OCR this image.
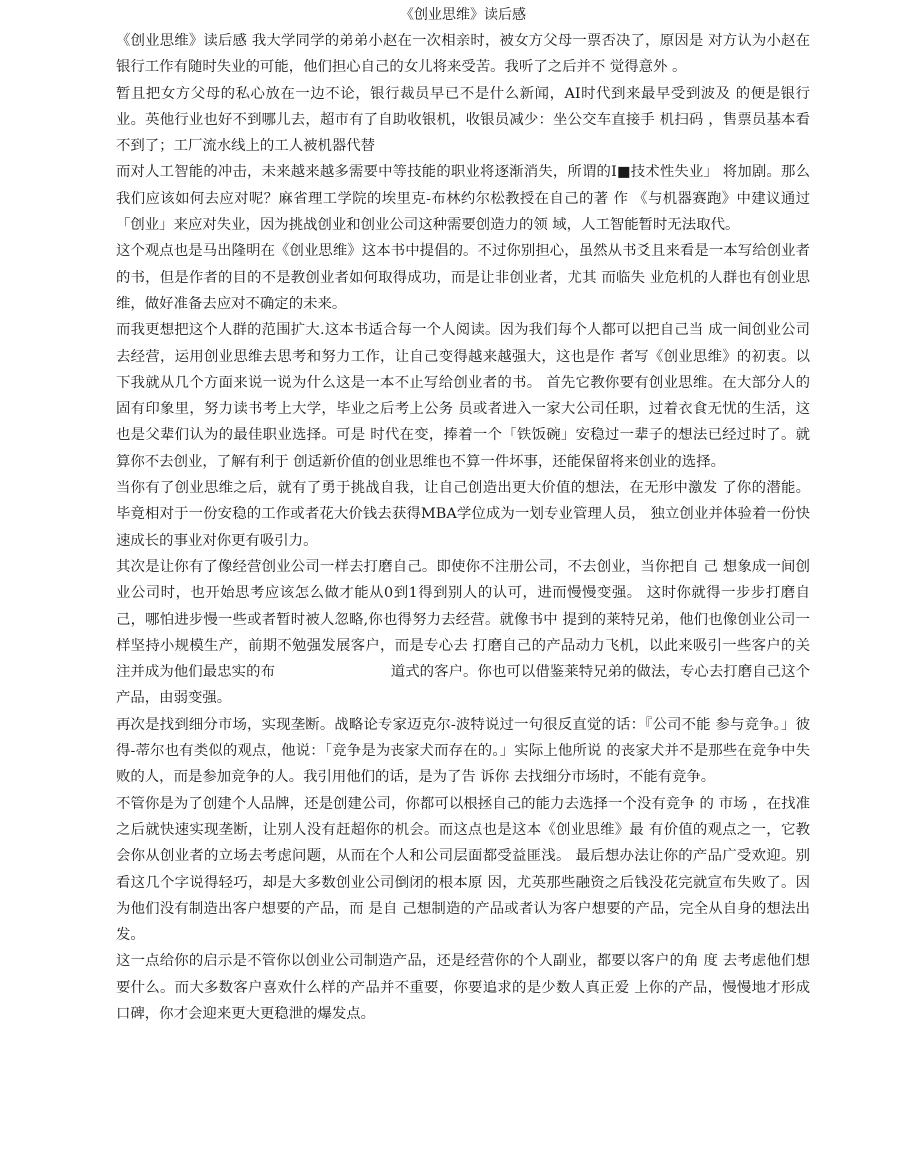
《创业思维》读后感

《创业思维》读后感 我大学同学的弟弟小赵在一次相亲时，被女方父母一票否决了，原因是 对方认为小赵在银行工作有随时失业的可能，他们担心自己的女儿将来受苦。我听了之后并不 觉得意外 。

暂且把女方父母的私心放在一边不论，银行裁员早已不是什么新闻，AI时代到来最早受到波及 的便是银行业。英他行业也好不到哪儿去，超市有了自助收银机，收银员减少：坐公交车直接手 机扫码 ，售票员基本看不到了；工厂流水线上的工人被机器代替

而对人工智能的冲击，未来越来越多需要中等技能的职业将逐渐消失，所谓的I■技术性失业」 将加剧。那么我们应该如何去应对呢？麻省理工学院的埃里克-布林约尔松教授在自己的著 作 《与机器赛跑》中建议通过「创业」来应对失业，因为挑战创业和创业公司这种需要创造力的领 域，人工智能暂时无法取代。

这个观点也是马出隆明在《创业思维》这本书中提倡的。不过你别担心，虽然从书爻且来看是一本写给创业者的书，但是作者的目的不是教创业者如何取得成功，而是让非创业者，尤其 而临失 业危机的人群也有创业思维，做好准备去应对不确定的未来。

而我更想把这个人群的范围扩大.这本书适合每一个人阅读。因为我们每个人都可以把自己当 成一间创业公司去经营，运用创业思维去思考和努力工作，让自己变得越来越强大，这也是作 者写《创业思维》的初衷。以下我就从几个方面来说一说为什么这是一本不止写给创业者的书。 首先它教你要有创业思维。在大部分人的固有印象里，努力读书考上大学，毕业之后考上公务 员或者进入一家大公司任职，过着衣食无忧的生活，这也是父辈们认为的最佳职业选择。可是 时代在变，捧着一个「铁饭碗」安稳过一辈子的想法已经过时了。就算你不去创业，了解有利于 创适新价值的创业思维也不算一件坏事，还能保留将来创业的选择。

当你有了创业思维之后，就有了勇于挑战自我，让自己创造出更大价值的想法，在无形中激发 了你的潜能。毕竟相对于一份安稳的工作或者花大价钱去获得MBA学位成为一划专业管理人员， 独立创业并体验着一份快速成长的事业对你更有吸引力。

其次是让你有了像经营创业公司一样去打磨自己。即使你不注册公司，不去创业，当你把自 己 想象成一间创业公司时，也开始思考应该怎么做才能从0到1得到别人的认可，进而慢慢变强。 这时你就得一步步打磨自己，哪怕进步慢一些或者暂时被人忽略,你也得努力去经营。就像书中 提到的莱特兄弟，他们也像创业公司一样坚持小规模生产，前期不勉强发展客户，而是专心去 打磨自己的产品动力飞机，以此来吸引一些客户的关注并成为他们最忠实的布　　　　　　　　道式的客户。你也可以借鉴莱特兄弟的做法，专心去打磨自己这个产品，由弱变强。

再次是找到细分市场，实现垄断。战略论专家迈克尔-波特说过一句很反直觉的话：『公司不能 参与竞争。」彼得-蒂尔也有类似的观点，他说：「竞争是为丧家犬而存在的。」实际上他所说 的丧家犬并不是那些在竞争中失败的人，而是参加竞争的人。我引用他们的话，是为了告 诉你 去找细分市场时，不能有竞争。

不管你是为了创建个人品牌，还是创建公司，你都可以根拯自己的能力去选择一个没有竞争 的 市场 ，在找准之后就快速实现垄断，让别人没有赶超你的机会。而这点也是这本《创业思维》最 有价值的观点之一，它教会你从创业者的立场去考虑问题，从而在个人和公司层面都受益匪浅。 最后想办法让你的产品广受欢迎。别看这几个字说得轻巧，却是大多数创业公司倒闭的根本原 因，尤英那些融资之后钱没花完就宣布失败了。因为他们没有制造出客户想要的产品，而 是自 己想制造的产品或者认为客户想要的产品，完全从自身的想法出发。

这一点给你的启示是不管你以创业公司制造产品，还是经营你的个人副业，都要以客户的角 度 去考虑他们想要什么。而大多数客户喜欢什么样的产品并不重要，你要追求的是少数人真正爱 上你的产品，慢慢地才形成口碑，你才会迎来更大更稳泄的爆发点。
